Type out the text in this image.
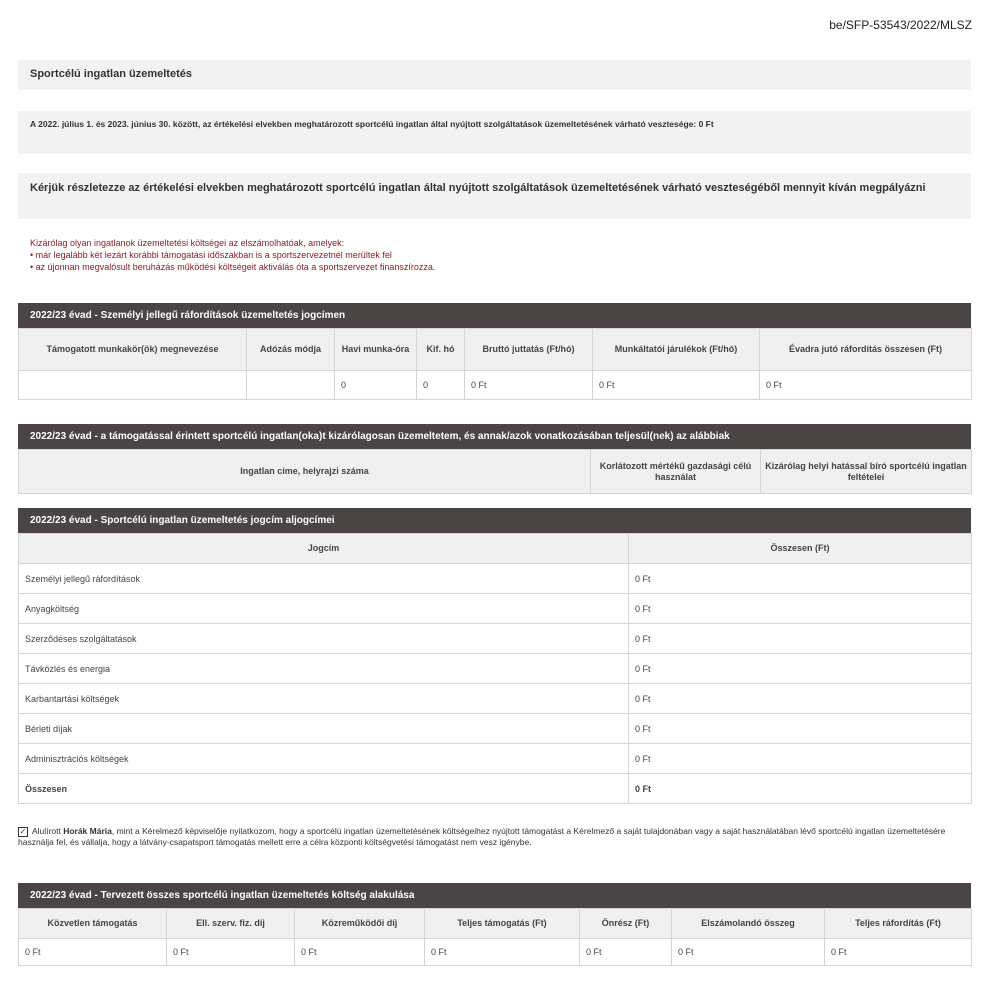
be/SFP-53543/2022/MLSZ
Sportcélú ingatlan üzemeltetés
A 2022. július 1. és 2023. június 30. között, az értékelési elvekben meghatározott sportcélú ingatlan által nyújtott szolgáltatások üzemeltetésének várható vesztesége: 0 Ft
Kérjük részletezze az értékelési elvekben meghatározott sportcélú ingatlan által nyújtott szolgáltatások üzemeltetésének várható veszteségéből mennyit kíván megpályázni
Kizárólag olyan ingatlanok üzemeltetési költségei az elszámolhatóak, amelyek:
• már legalább két lezárt korábbi támogatási időszakban is a sportszervezetnél merültek fel
• az újonnan megvalósult beruházás működési költségeit aktiválás óta a sportszervezet finanszírozza.
2022/23 évad - Személyi jellegű ráfordítások üzemeltetés jogcímen
Támogatott munkakör(ök) megnevezése	Adózás módja	Havi munka-óra	Kif. hó	Bruttó juttatás (Ft/hó)	Munkáltatói járulékok (Ft/hó)	Évadra jutó ráfordítás összesen (Ft)
		0	0	0 Ft	0 Ft	0 Ft
2022/23 évad - a támogatással érintett sportcélú ingatlan(oka)t kizárólagosan üzemeltetem, és annak/azok vonatkozásában teljesül(nek) az alábbiak
Ingatlan címe, helyrajzi száma	Korlátozott mértékű gazdasági célú használat	Kizárólag helyi hatással bíró sportcélú ingatlan feltételei
2022/23 évad - Sportcélú ingatlan üzemeltetés jogcím aljogcímei
Jogcím	Összesen (Ft)
Személyi jellegű ráfordítások	0 Ft
Anyagköltség	0 Ft
Szerződéses szolgáltatások	0 Ft
Távközlés és energia	0 Ft
Karbantartási költségek	0 Ft
Bérleti díjak	0 Ft
Adminisztrációs költségek	0 Ft
Összesen	0 Ft
✓ Alulírott Horák Mária, mint a Kérelmező képviselője nyilatkozom, hogy a sportcélú ingatlan üzemeltetésének költségeihez nyújtott támogatást a Kérelmező a saját tulajdonában vagy a saját használatában lévő sportcélú ingatlan üzemeltetésére használja fel, és vállalja, hogy a látvány-csapatsport támogatás mellett erre a célra központi költségvetési támogatást nem vesz igénybe.
2022/23 évad - Tervezett összes sportcélú ingatlan üzemeltetés költség alakulása
Közvetlen támogatás	Ell. szerv. fiz. díj	Közreműködői díj	Teljes támogatás (Ft)	Önrész (Ft)	Elszámolandó összeg	Teljes ráfordítás (Ft)
0 Ft	0 Ft	0 Ft	0 Ft	0 Ft	0 Ft	0 Ft
